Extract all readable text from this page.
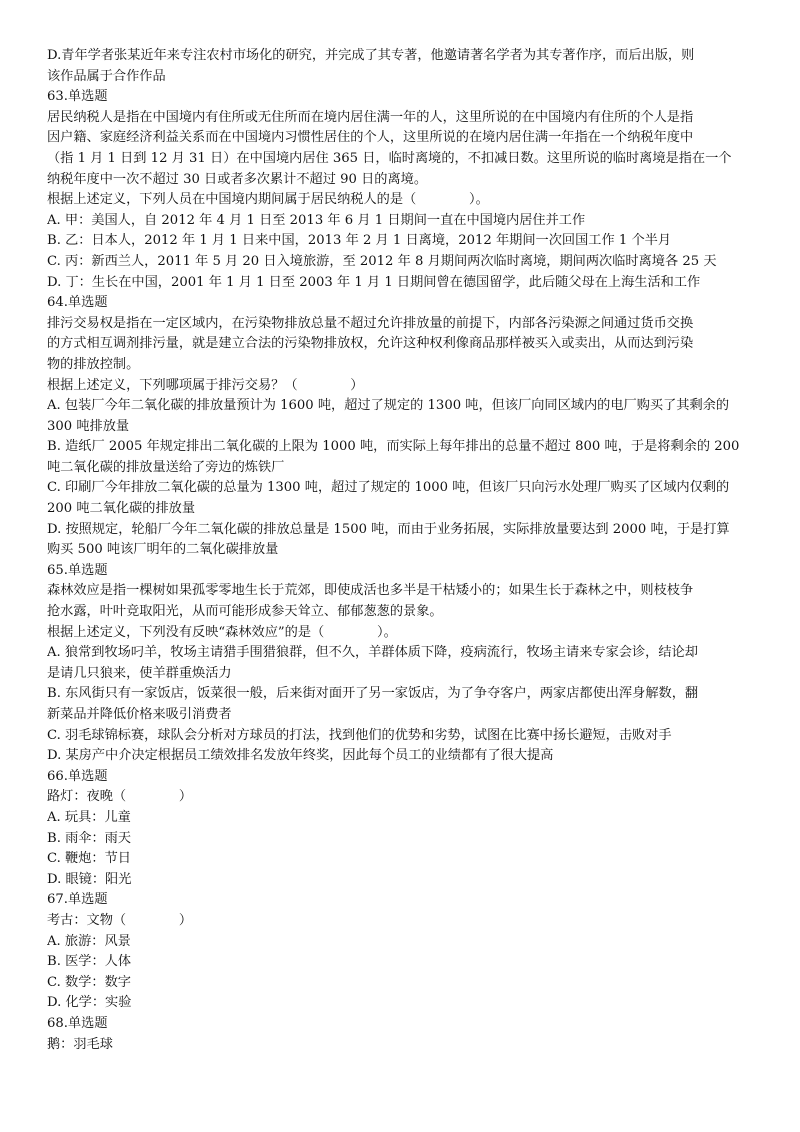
D.青年学者张某近年来专注农村市场化的研究，并完成了其专著，他邀请著名学者为其专著作序，而后出版，则
该作品属于合作作品
63.单选题
居民纳税人是指在中国境内有住所或无住所而在境内居住满一年的人，这里所说的在中国境内有住所的个人是指
因户籍、家庭经济利益关系而在中国境内习惯性居住的个人，这里所说的在境内居住满一年指在一个纳税年度中
（指 1 月 1 日到 12 月 31 日）在中国境内居住 365 日，临时离境的，不扣减日数。这里所说的临时离境是指在一个
纳税年度中一次不超过 30 日或者多次累计不超过 90 日的离境。
根据上述定义，下列人员在中国境内期间属于居民纳税人的是（　　　　）。
A. 甲：美国人，自 2012 年 4 月 1 日至 2013 年 6 月 1 日期间一直在中国境内居住并工作
B. 乙：日本人，2012 年 1 月 1 日来中国，2013 年 2 月 1 日离境，2012 年期间一次回国工作 1 个半月
C. 丙：新西兰人，2011 年 5 月 20 日入境旅游，至 2012 年 8 月期间两次临时离境，期间两次临时离境各 25 天
D. 丁：生长在中国，2001 年 1 月 1 日至 2003 年 1 月 1 日期间曾在德国留学，此后随父母在上海生活和工作
64.单选题
排污交易权是指在一定区域内，在污染物排放总量不超过允许排放量的前提下，内部各污染源之间通过货币交换
的方式相互调剂排污量，就是建立合法的污染物排放权，允许这种权利像商品那样被买入或卖出，从而达到污染
物的排放控制。
根据上述定义，下列哪项属于排污交易？（　　　　）
A. 包装厂今年二氧化碳的排放量预计为 1600 吨，超过了规定的 1300 吨，但该厂向同区域内的电厂购买了其剩余的
300 吨排放量
B. 造纸厂 2005 年规定排出二氧化碳的上限为 1000 吨，而实际上每年排出的总量不超过 800 吨，于是将剩余的 200
吨二氧化碳的排放量送给了旁边的炼铁厂
C. 印刷厂今年排放二氧化碳的总量为 1300 吨，超过了规定的 1000 吨，但该厂只向污水处理厂购买了区域内仅剩的
200 吨二氧化碳的排放量
D. 按照规定，轮船厂今年二氧化碳的排放总量是 1500 吨，而由于业务拓展，实际排放量要达到 2000 吨，于是打算
购买 500 吨该厂明年的二氧化碳排放量
65.单选题
森林效应是指一棵树如果孤零零地生长于荒郊，即使成活也多半是干枯矮小的；如果生长于森林之中，则枝枝争
抢水露，叶叶竞取阳光，从而可能形成参天耸立、郁郁葱葱的景象。
根据上述定义，下列没有反映“森林效应”的是（　　　　）。
A. 狼常到牧场叼羊，牧场主请猎手围猎狼群，但不久，羊群体质下降，疫病流行，牧场主请来专家会诊，结论却
是请几只狼来，使羊群重焕活力
B. 东风街只有一家饭店，饭菜很一般，后来街对面开了另一家饭店，为了争夺客户，两家店都使出浑身解数，翻
新菜品并降低价格来吸引消费者
C. 羽毛球锦标赛，球队会分析对方球员的打法，找到他们的优势和劣势，试图在比赛中扬长避短，击败对手
D. 某房产中介决定根据员工绩效排名发放年终奖，因此每个员工的业绩都有了很大提高
66.单选题
路灯：夜晚（　　　　）
A. 玩具：儿童
B. 雨伞：雨天
C. 鞭炮：节日
D. 眼镜：阳光
67.单选题
考古：文物（　　　　）
A. 旅游：风景
B. 医学：人体
C. 数学：数字
D. 化学：实验
68.单选题
鹅：羽毛球
